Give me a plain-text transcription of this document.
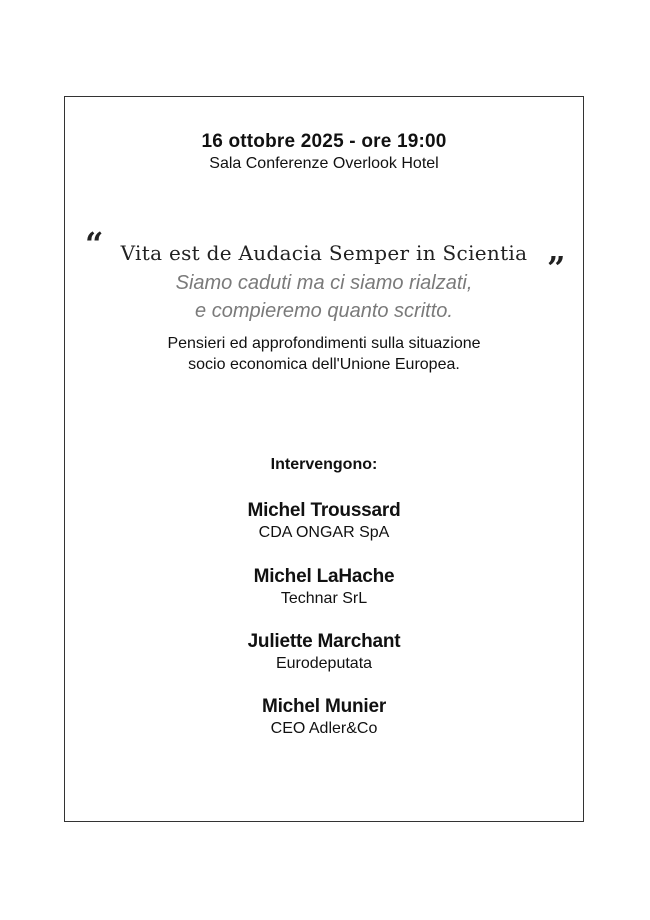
16 ottobre 2025 - ore 19:00
Sala Conferenze Overlook Hotel
“ Vita est de Audacia Semper in Scientia ”
Siamo caduti ma ci siamo rialzati,
e compieremo quanto scritto.
Pensieri ed approfondimenti sulla situazione
socio economica dell'Unione Europea.
Intervengono:
Michel Troussard
CDA ONGAR SpA
Michel LaHache
Technar SrL
Juliette Marchant
Eurodeputata
Michel Munier
CEO Adler&Co
